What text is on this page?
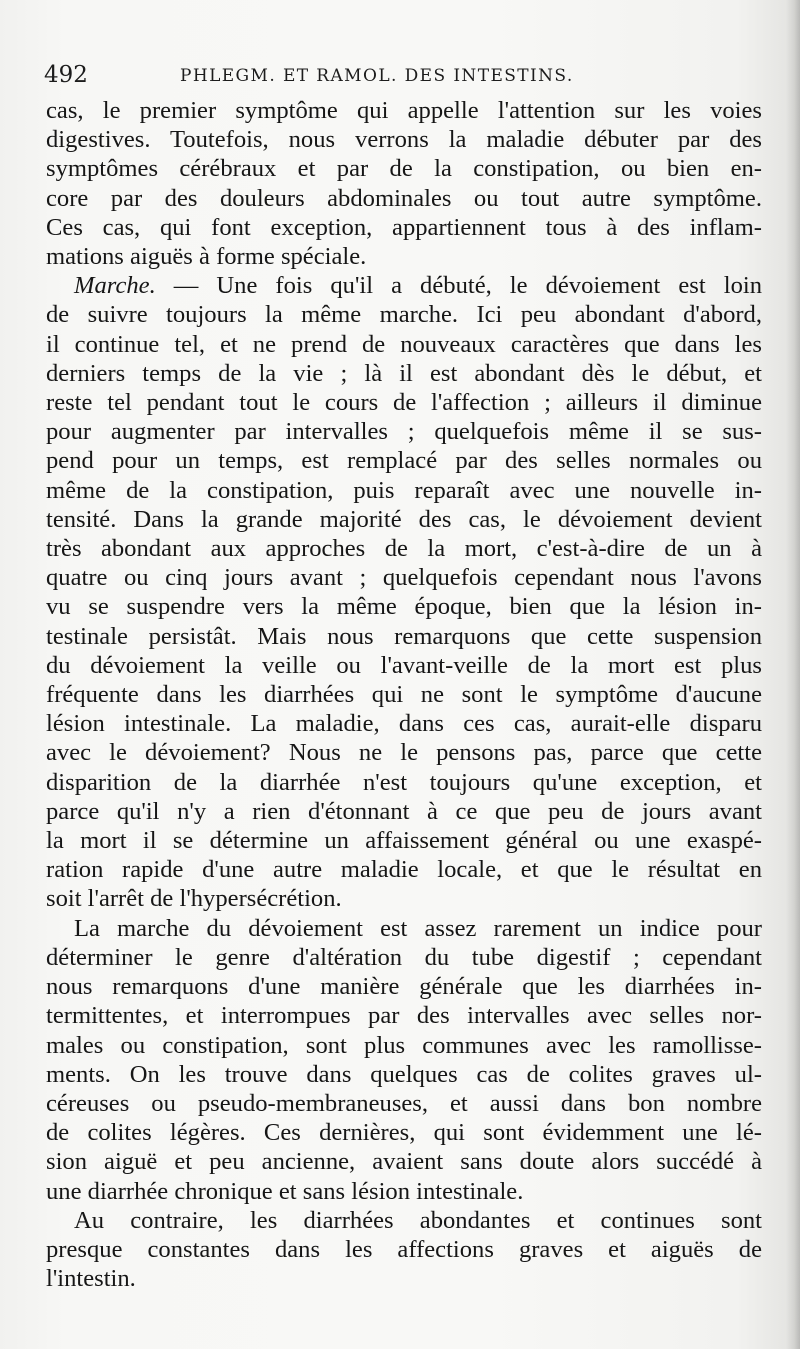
492	PHLEGM. ET RAMOL. DES INTESTINS.
cas, le premier symptôme qui appelle l'attention sur les voies
digestives. Toutefois, nous verrons la maladie débuter par des
symptômes cérébraux et par de la constipation, ou bien en-
core par des douleurs abdominales ou tout autre symptôme.
Ces cas, qui font exception, appartiennent tous à des inflam-
mations aiguës à forme spéciale.
Marche. — Une fois qu'il a débuté, le dévoiement est loin
de suivre toujours la même marche. Ici peu abondant d'abord,
il continue tel, et ne prend de nouveaux caractères que dans les
derniers temps de la vie ; là il est abondant dès le début, et
reste tel pendant tout le cours de l'affection ; ailleurs il diminue
pour augmenter par intervalles ; quelquefois même il se sus-
pend pour un temps, est remplacé par des selles normales ou
même de la constipation, puis reparaît avec une nouvelle in-
tensité. Dans la grande majorité des cas, le dévoiement devient
très abondant aux approches de la mort, c'est-à-dire de un à
quatre ou cinq jours avant ; quelquefois cependant nous l'avons
vu se suspendre vers la même époque, bien que la lésion in-
testinale persistât. Mais nous remarquons que cette suspension
du dévoiement la veille ou l'avant-veille de la mort est plus
fréquente dans les diarrhées qui ne sont le symptôme d'aucune
lésion intestinale. La maladie, dans ces cas, aurait-elle disparu
avec le dévoiement? Nous ne le pensons pas, parce que cette
disparition de la diarrhée n'est toujours qu'une exception, et
parce qu'il n'y a rien d'étonnant à ce que peu de jours avant
la mort il se détermine un affaissement général ou une exaspé-
ration rapide d'une autre maladie locale, et que le résultat en
soit l'arrêt de l'hypersécrétion.
La marche du dévoiement est assez rarement un indice pour
déterminer le genre d'altération du tube digestif ; cependant
nous remarquons d'une manière générale que les diarrhées in-
termittentes, et interrompues par des intervalles avec selles nor-
males ou constipation, sont plus communes avec les ramollisse-
ments. On les trouve dans quelques cas de colites graves ul-
céreuses ou pseudo-membraneuses, et aussi dans bon nombre
de colites légères. Ces dernières, qui sont évidemment une lé-
sion aiguë et peu ancienne, avaient sans doute alors succédé à
une diarrhée chronique et sans lésion intestinale.
Au contraire, les diarrhées abondantes et continues sont
presque constantes dans les affections graves et aiguës de
l'intestin.
